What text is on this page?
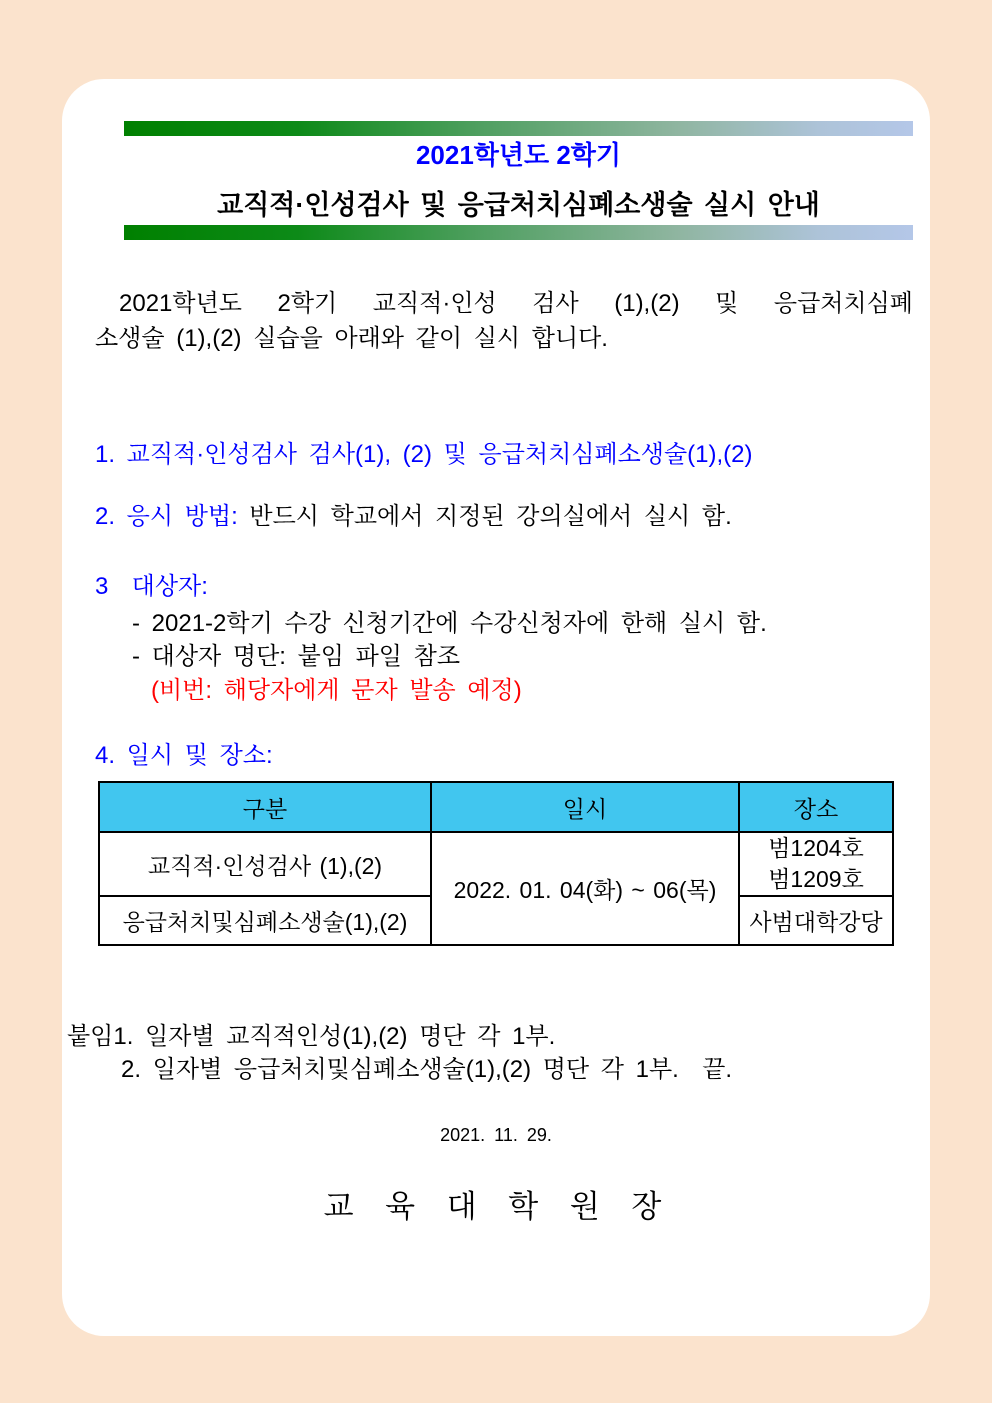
2021학년도 2학기
교직적·인성검사 및 응급처치심폐소생술 실시 안내
2021학년도 2학기 교직적·인성 검사 (1),(2) 및 응급처치심폐
소생술 (1),(2) 실습을 아래와 같이 실시 합니다.
1. 교직적·인성검사 검사(1), (2) 및 응급처치심폐소생술(1),(2)
2. 응시 방법: 반드시 학교에서 지정된 강의실에서 실시 함.
3  대상자:
- 2021-2학기 수강 신청기간에 수강신청자에 한해 실시 함.
- 대상자 명단: 붙임 파일 참조
(비번: 해당자에게 문자 발송 예정)
4. 일시 및 장소:
구분	일시	장소
교직적·인성검사 (1),(2)	2022. 01. 04(화) ~ 06(목)	범1204호
범1209호

응급처치및심폐소생술(1),(2)		사범대학강당
붙임1. 일자별 교직적인성(1),(2) 명단 각 1부.
2. 일자별 응급처치및심폐소생술(1),(2) 명단 각 1부.  끝.
2021. 11. 29.
교 육 대 학 원 장
